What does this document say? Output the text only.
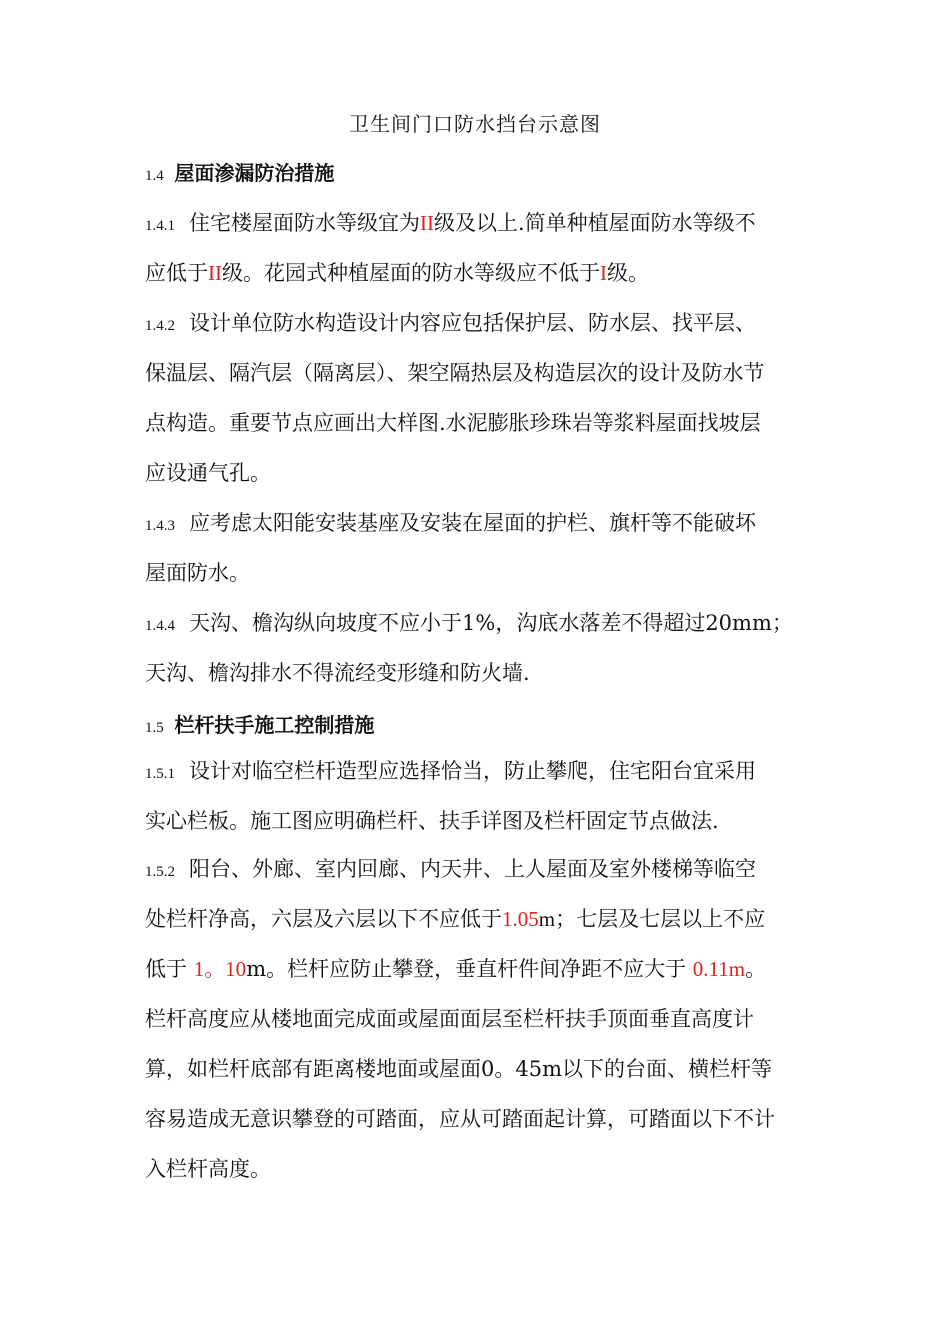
卫生间门口防水挡台示意图
1.4 屋面渗漏防治措施
1.4.1 住宅楼屋面防水等级宜为II级及以上.简单种植屋面防水等级不
应低于II级。花园式种植屋面的防水等级应不低于I级。
1.4.2 设计单位防水构造设计内容应包括保护层、防水层、找平层、
保温层、隔汽层（隔离层）、架空隔热层及构造层次的设计及防水节
点构造。重要节点应画出大样图.水泥膨胀珍珠岩等浆料屋面找坡层
应设通气孔。
1.4.3 应考虑太阳能安装基座及安装在屋面的护栏、旗杆等不能破坏
屋面防水。
1.4.4 天沟、檐沟纵向坡度不应小于1%，沟底水落差不得超过20mm；
天沟、檐沟排水不得流经变形缝和防火墙.
1.5 栏杆扶手施工控制措施
1.5.1 设计对临空栏杆造型应选择恰当，防止攀爬，住宅阳台宜采用
实心栏板。施工图应明确栏杆、扶手详图及栏杆固定节点做法.
1.5.2 阳台、外廊、室内回廊、内天井、上人屋面及室外楼梯等临空
处栏杆净高，六层及六层以下不应低于1.05m；七层及七层以上不应
低于 1。10m。栏杆应防止攀登，垂直杆件间净距不应大于 0.11m。
栏杆高度应从楼地面完成面或屋面面层至栏杆扶手顶面垂直高度计
算，如栏杆底部有距离楼地面或屋面0。45m以下的台面、横栏杆等
容易造成无意识攀登的可踏面，应从可踏面起计算，可踏面以下不计
入栏杆高度。
